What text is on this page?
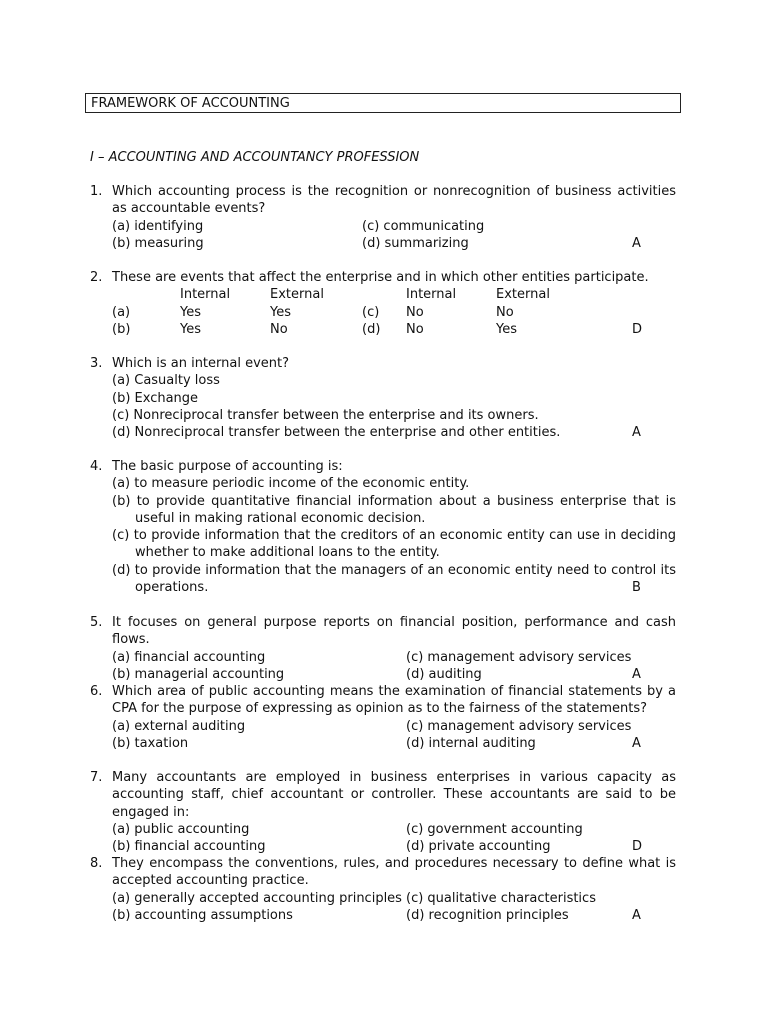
FRAMEWORK OF ACCOUNTING
I – ACCOUNTING AND ACCOUNTANCY PROFESSION
1. Which accounting process is the recognition or nonrecognition of business activities as accountable events?
(a) identifying	(c) communicating
(b) measuring	(d) summarizing	A
2. These are events that affect the enterprise and in which other entities participate.
Internal	External	Internal	External
(a)	Yes	Yes	(c) No	No
(b)	Yes	No	(d) No	Yes	D
3. Which is an internal event?
(a) Casualty loss
(b) Exchange
(c) Nonreciprocal transfer between the enterprise and its owners.
(d) Nonreciprocal transfer between the enterprise and other entities.	A
4. The basic purpose of accounting is:
(a) to measure periodic income of the economic entity.
(b) to provide quantitative financial information about a business enterprise that is useful in making rational economic decision.
(c) to provide information that the creditors of an economic entity can use in deciding whether to make additional loans to the entity.
(d) to provide information that the managers of an economic entity need to control its operations.	B
5. It focuses on general purpose reports on financial position, performance and cash flows.
(a) financial accounting	(c) management advisory services
(b) managerial accounting	(d) auditing	A
6. Which area of public accounting means the examination of financial statements by a CPA for the purpose of expressing as opinion as to the fairness of the statements?
(a) external auditing	(c) management advisory services
(b) taxation	(d) internal auditing	A
7. Many accountants are employed in business enterprises in various capacity as accounting staff, chief accountant or controller. These accountants are said to be engaged in:
(a) public accounting	(c) government accounting
(b) financial accounting	(d) private accounting	D
8. They encompass the conventions, rules, and procedures necessary to define what is accepted accounting practice.
(a) generally accepted accounting principles (c) qualitative characteristics
(b) accounting assumptions	(d) recognition principles	A
